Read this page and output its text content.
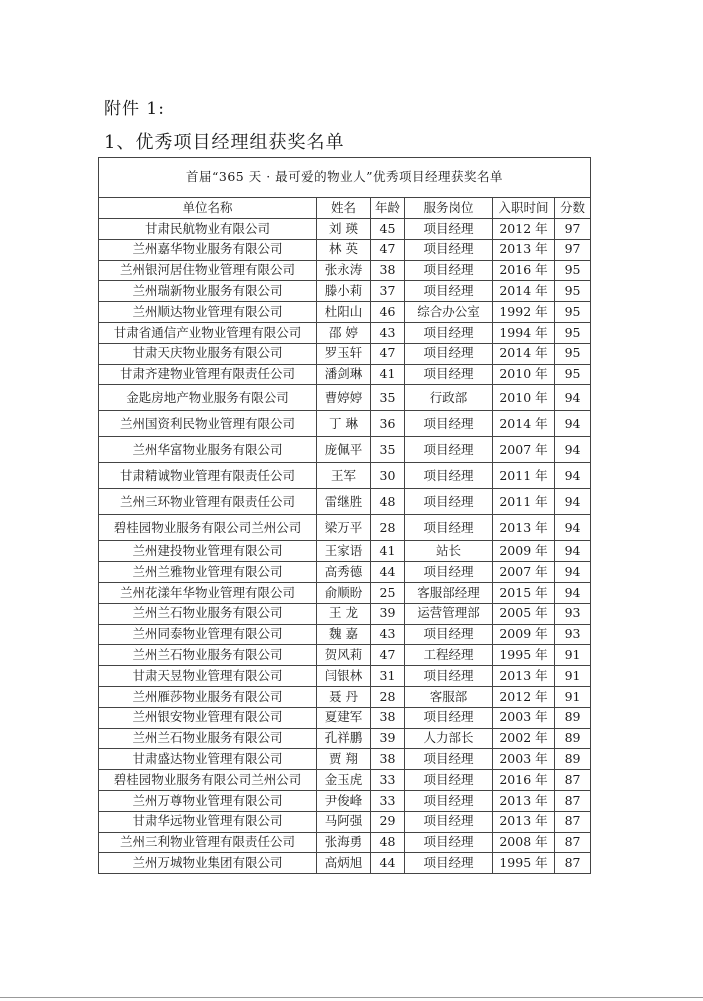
附件 1:
1、优秀项目经理组获奖名单
首届“365 天 · 最可爱的物业人”优秀项目经理获奖名单					
单位名称	姓名	年龄	服务岗位	入职时间	分数
甘肃民航物业有限公司	刘 瑛	45	项目经理	2012 年	97
兰州嘉华物业服务有限公司	林 英	47	项目经理	2013 年	97
兰州银河居住物业管理有限公司	张永涛	38	项目经理	2016 年	95
兰州瑞新物业服务有限公司	滕小莉	37	项目经理	2014 年	95
兰州顺达物业管理有限公司	杜阳山	46	综合办公室	1992 年	95
甘肃省通信产业物业管理有限公司	邵 婷	43	项目经理	1994 年	95
甘肃天庆物业服务有限公司	罗玉轩	47	项目经理	2014 年	95
甘肃齐建物业管理有限责任公司	潘剑琳	41	项目经理	2010 年	95
金匙房地产物业服务有限公司	曹婷婷	35	行政部	2010 年	94
兰州国资利民物业管理有限公司	丁 琳	36	项目经理	2014 年	94
兰州华富物业服务有限公司	庞佩平	35	项目经理	2007 年	94
甘肃精诚物业管理有限责任公司	王军	30	项目经理	2011 年	94
兰州三环物业管理有限责任公司	雷继胜	48	项目经理	2011 年	94
碧桂园物业服务有限公司兰州公司	梁万平	28	项目经理	2013 年	94
兰州建投物业管理有限公司	王家语	41	站长	2009 年	94
兰州兰雅物业管理有限公司	高秀德	44	项目经理	2007 年	94
兰州花漾年华物业管理有限公司	俞顺盼	25	客服部经理	2015 年	94
兰州兰石物业服务有限公司	王 龙	39	运营管理部	2005 年	93
兰州同泰物业管理有限公司	魏 嘉	43	项目经理	2009 年	93
兰州兰石物业服务有限公司	贺风莉	47	工程经理	1995 年	91
甘肃天昱物业管理有限公司	闫银林	31	项目经理	2013 年	91
兰州雁莎物业服务有限公司	聂 丹	28	客服部	2012 年	91
兰州银安物业管理有限公司	夏建军	38	项目经理	2003 年	89
兰州兰石物业服务有限公司	孔祥鹏	39	人力部长	2002 年	89
甘肃盛达物业管理有限公司	贾 翔	38	项目经理	2003 年	89
碧桂园物业服务有限公司兰州公司	金玉虎	33	项目经理	2016 年	87
兰州万尊物业管理有限公司	尹俊峰	33	项目经理	2013 年	87
甘肃华远物业管理有限公司	马阿强	29	项目经理	2013 年	87
兰州三利物业管理有限责任公司	张海勇	48	项目经理	2008 年	87
兰州万城物业集团有限公司	高炳旭	44	项目经理	1995 年	87
